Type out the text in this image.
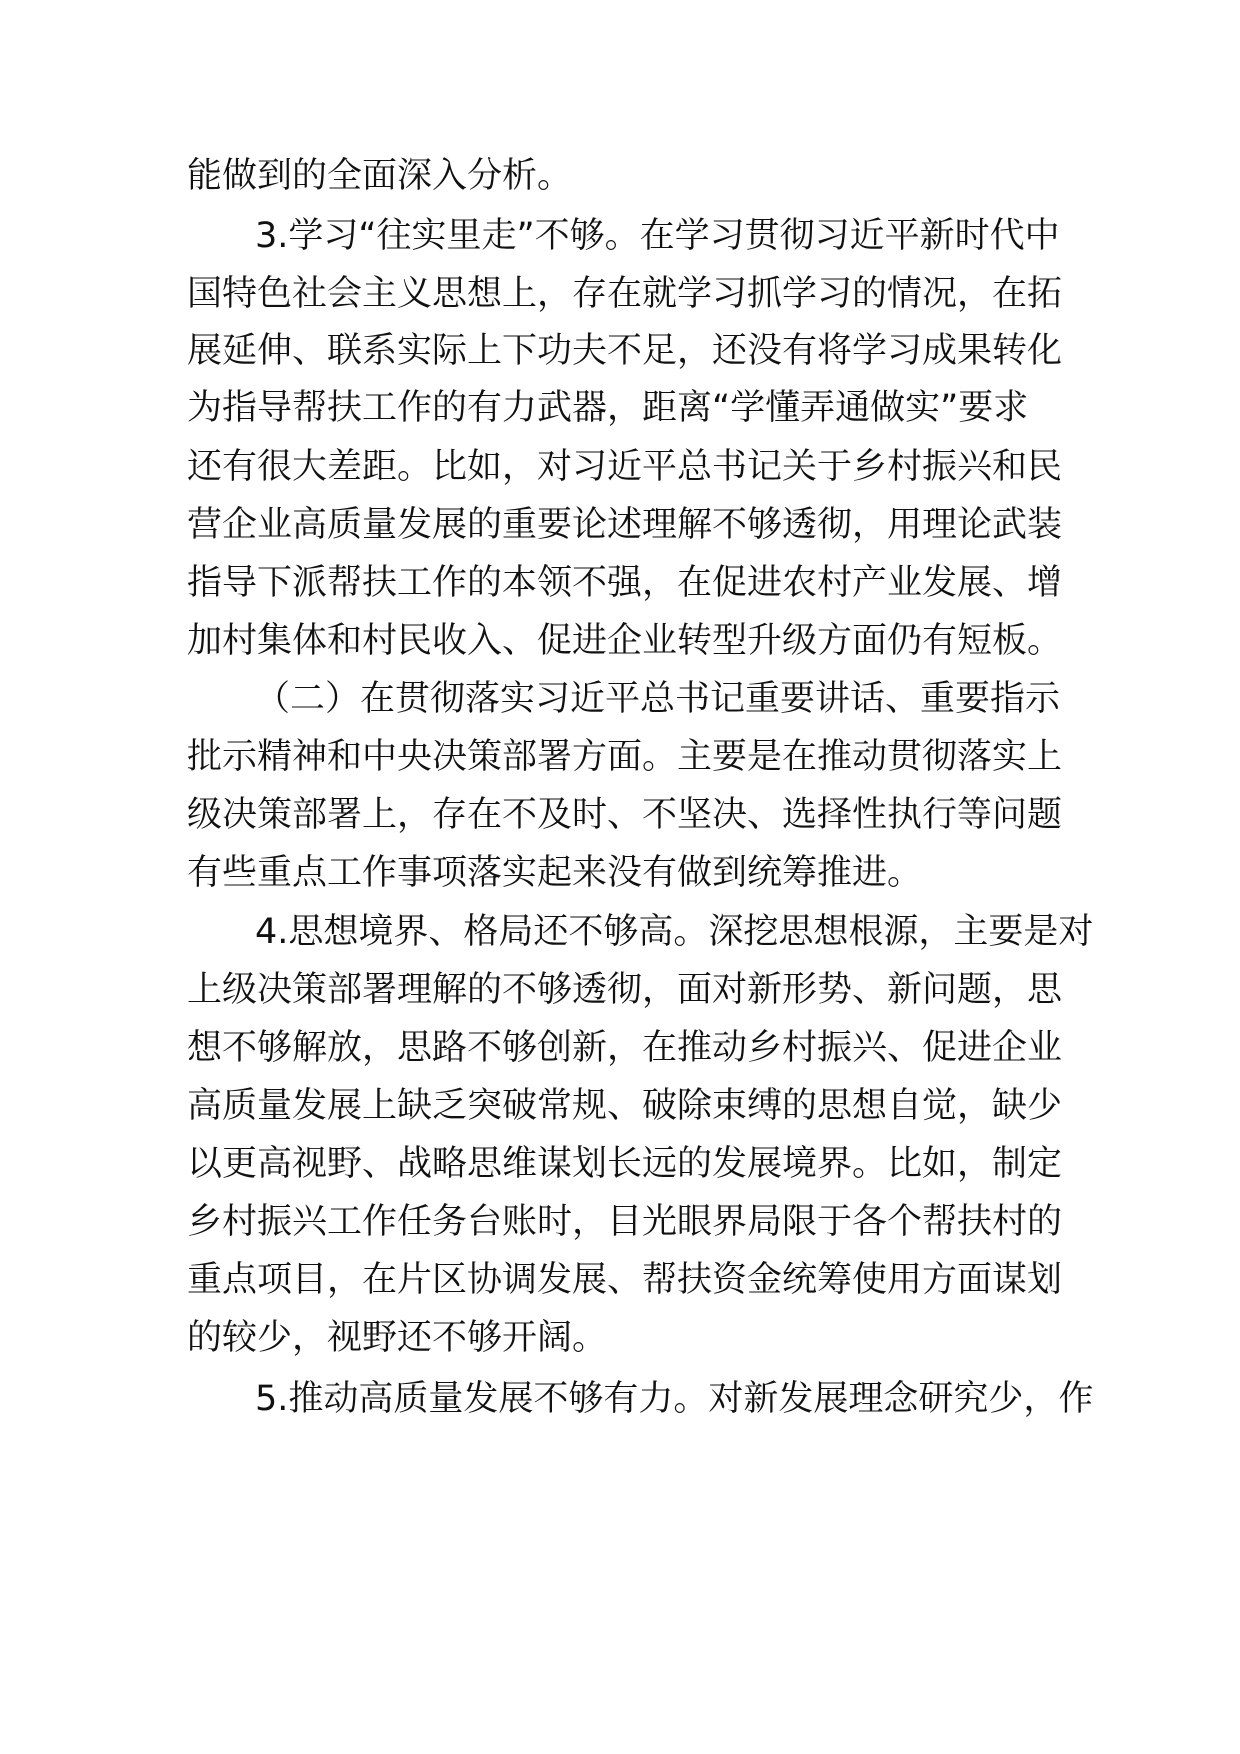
能做到的全面深入分析。
3.学习“往实里走”不够。在学习贯彻习近平新时代中
国特色社会主义思想上，存在就学习抓学习的情况，在拓
展延伸、联系实际上下功夫不足，还没有将学习成果转化
为指导帮扶工作的有力武器，距离“学懂弄通做实”要求
还有很大差距。比如，对习近平总书记关于乡村振兴和民
营企业高质量发展的重要论述理解不够透彻，用理论武装
指导下派帮扶工作的本领不强，在促进农村产业发展、增
加村集体和村民收入、促进企业转型升级方面仍有短板。
（二）在贯彻落实习近平总书记重要讲话、重要指示
批示精神和中央决策部署方面。主要是在推动贯彻落实上
级决策部署上，存在不及时、不坚决、选择性执行等问题
有些重点工作事项落实起来没有做到统筹推进。
4.思想境界、格局还不够高。深挖思想根源，主要是对
上级决策部署理解的不够透彻，面对新形势、新问题，思
想不够解放，思路不够创新，在推动乡村振兴、促进企业
高质量发展上缺乏突破常规、破除束缚的思想自觉，缺少
以更高视野、战略思维谋划长远的发展境界。比如，制定
乡村振兴工作任务台账时，目光眼界局限于各个帮扶村的
重点项目，在片区协调发展、帮扶资金统筹使用方面谋划
的较少，视野还不够开阔。
5.推动高质量发展不够有力。对新发展理念研究少，作
